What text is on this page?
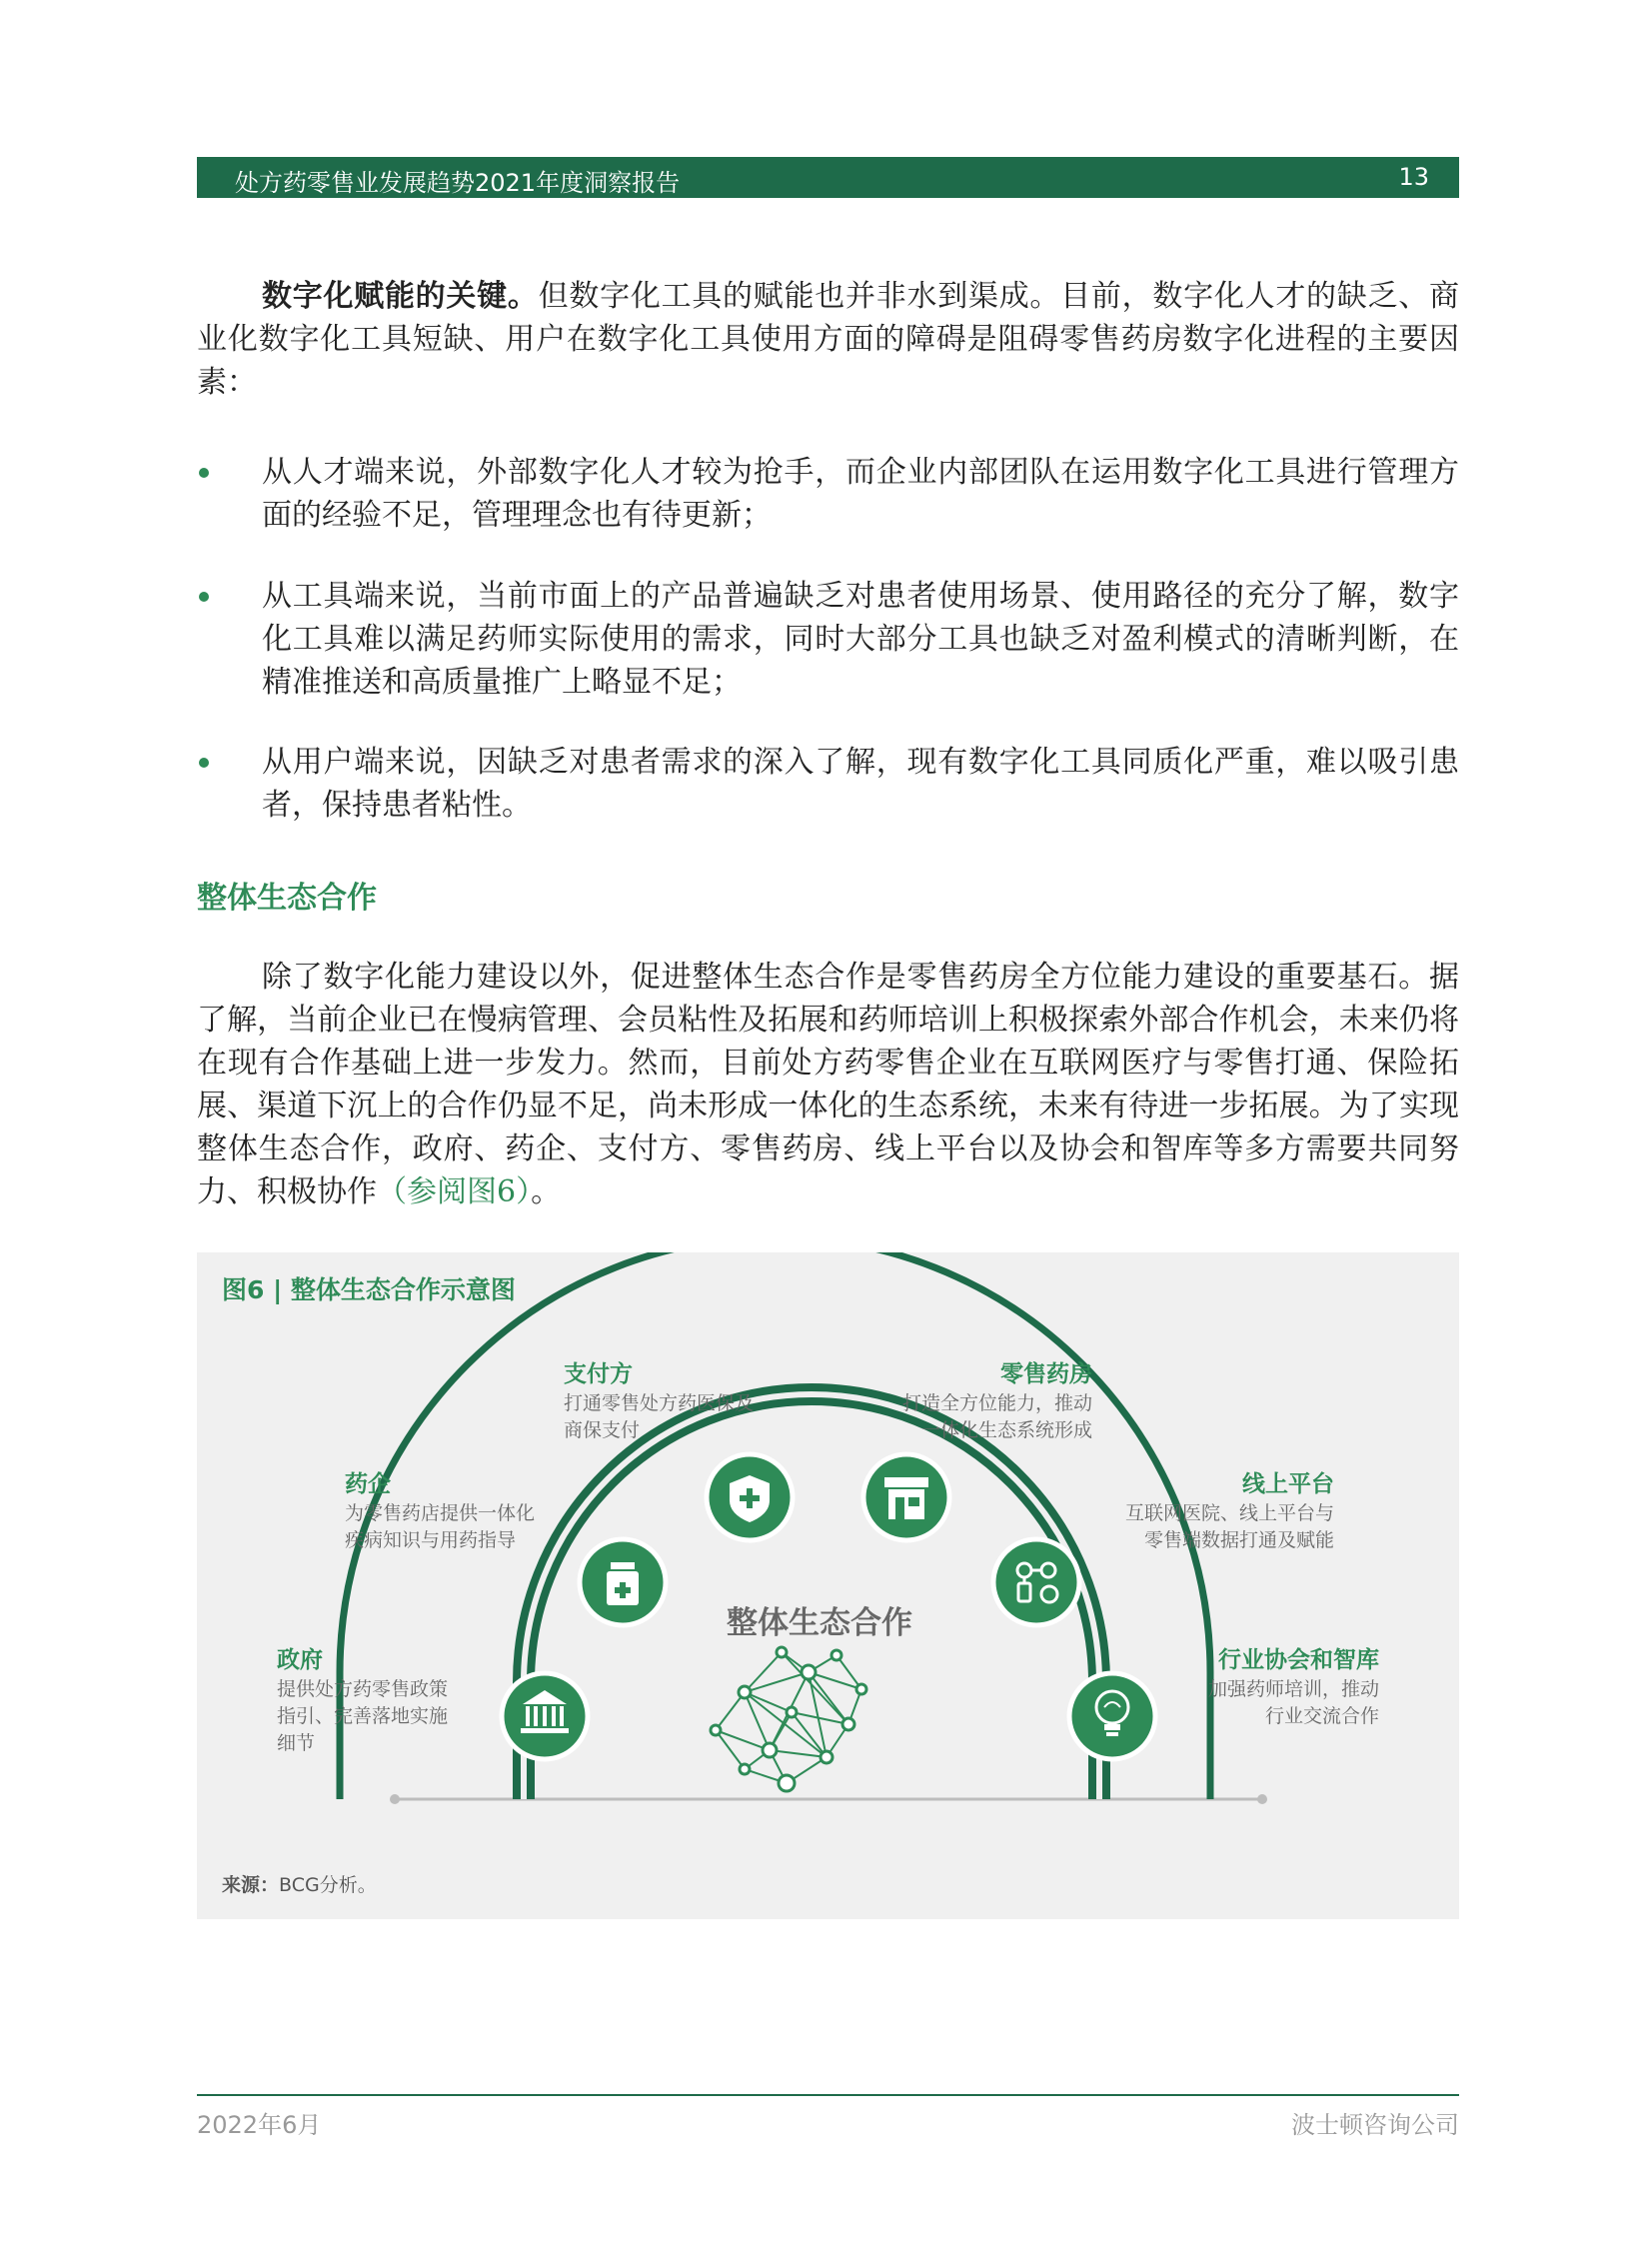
处方药零售业发展趋势2021年度洞察报告	13
数字化赋能的关键。但数字化工具的赋能也并非水到渠成。目前，数字化人才的缺乏、商业化数字化工具短缺、用户在数字化工具使用方面的障碍是阻碍零售药房数字化进程的主要因素：
从人才端来说，外部数字化人才较为抢手，而企业内部团队在运用数字化工具进行管理方面的经验不足，管理理念也有待更新；
从工具端来说，当前市面上的产品普遍缺乏对患者使用场景、使用路径的充分了解，数字化工具难以满足药师实际使用的需求，同时大部分工具也缺乏对盈利模式的清晰判断，在精准推送和高质量推广上略显不足；
从用户端来说，因缺乏对患者需求的深入了解，现有数字化工具同质化严重，难以吸引患者，保持患者粘性。
整体生态合作
除了数字化能力建设以外，促进整体生态合作是零售药房全方位能力建设的重要基石。据了解，当前企业已在慢病管理、会员粘性及拓展和药师培训上积极探索外部合作机会，未来仍将在现有合作基础上进一步发力。然而，目前处方药零售企业在互联网医疗与零售打通、保险拓展、渠道下沉上的合作仍显不足，尚未形成一体化的生态系统，未来有待进一步拓展。为了实现整体生态合作，政府、药企、支付方、零售药房、线上平台以及协会和智库等多方需要共同努力、积极协作（参阅图6）。
图6 | 整体生态合作示意图
整体生态合作
政府
提供处方药零售政策
指引、完善落地实施
细节
药企
为零售药店提供一体化
疾病知识与用药指导
支付方
打通零售处方药医保及
商保支付
零售药房
打造全方位能力，推动
一体化生态系统形成
线上平台
互联网医院、线上平台与
零售端数据打通及赋能
行业协会和智库
加强药师培训，推动
行业交流合作
来源：BCG分析。
2022年6月	波士顿咨询公司
